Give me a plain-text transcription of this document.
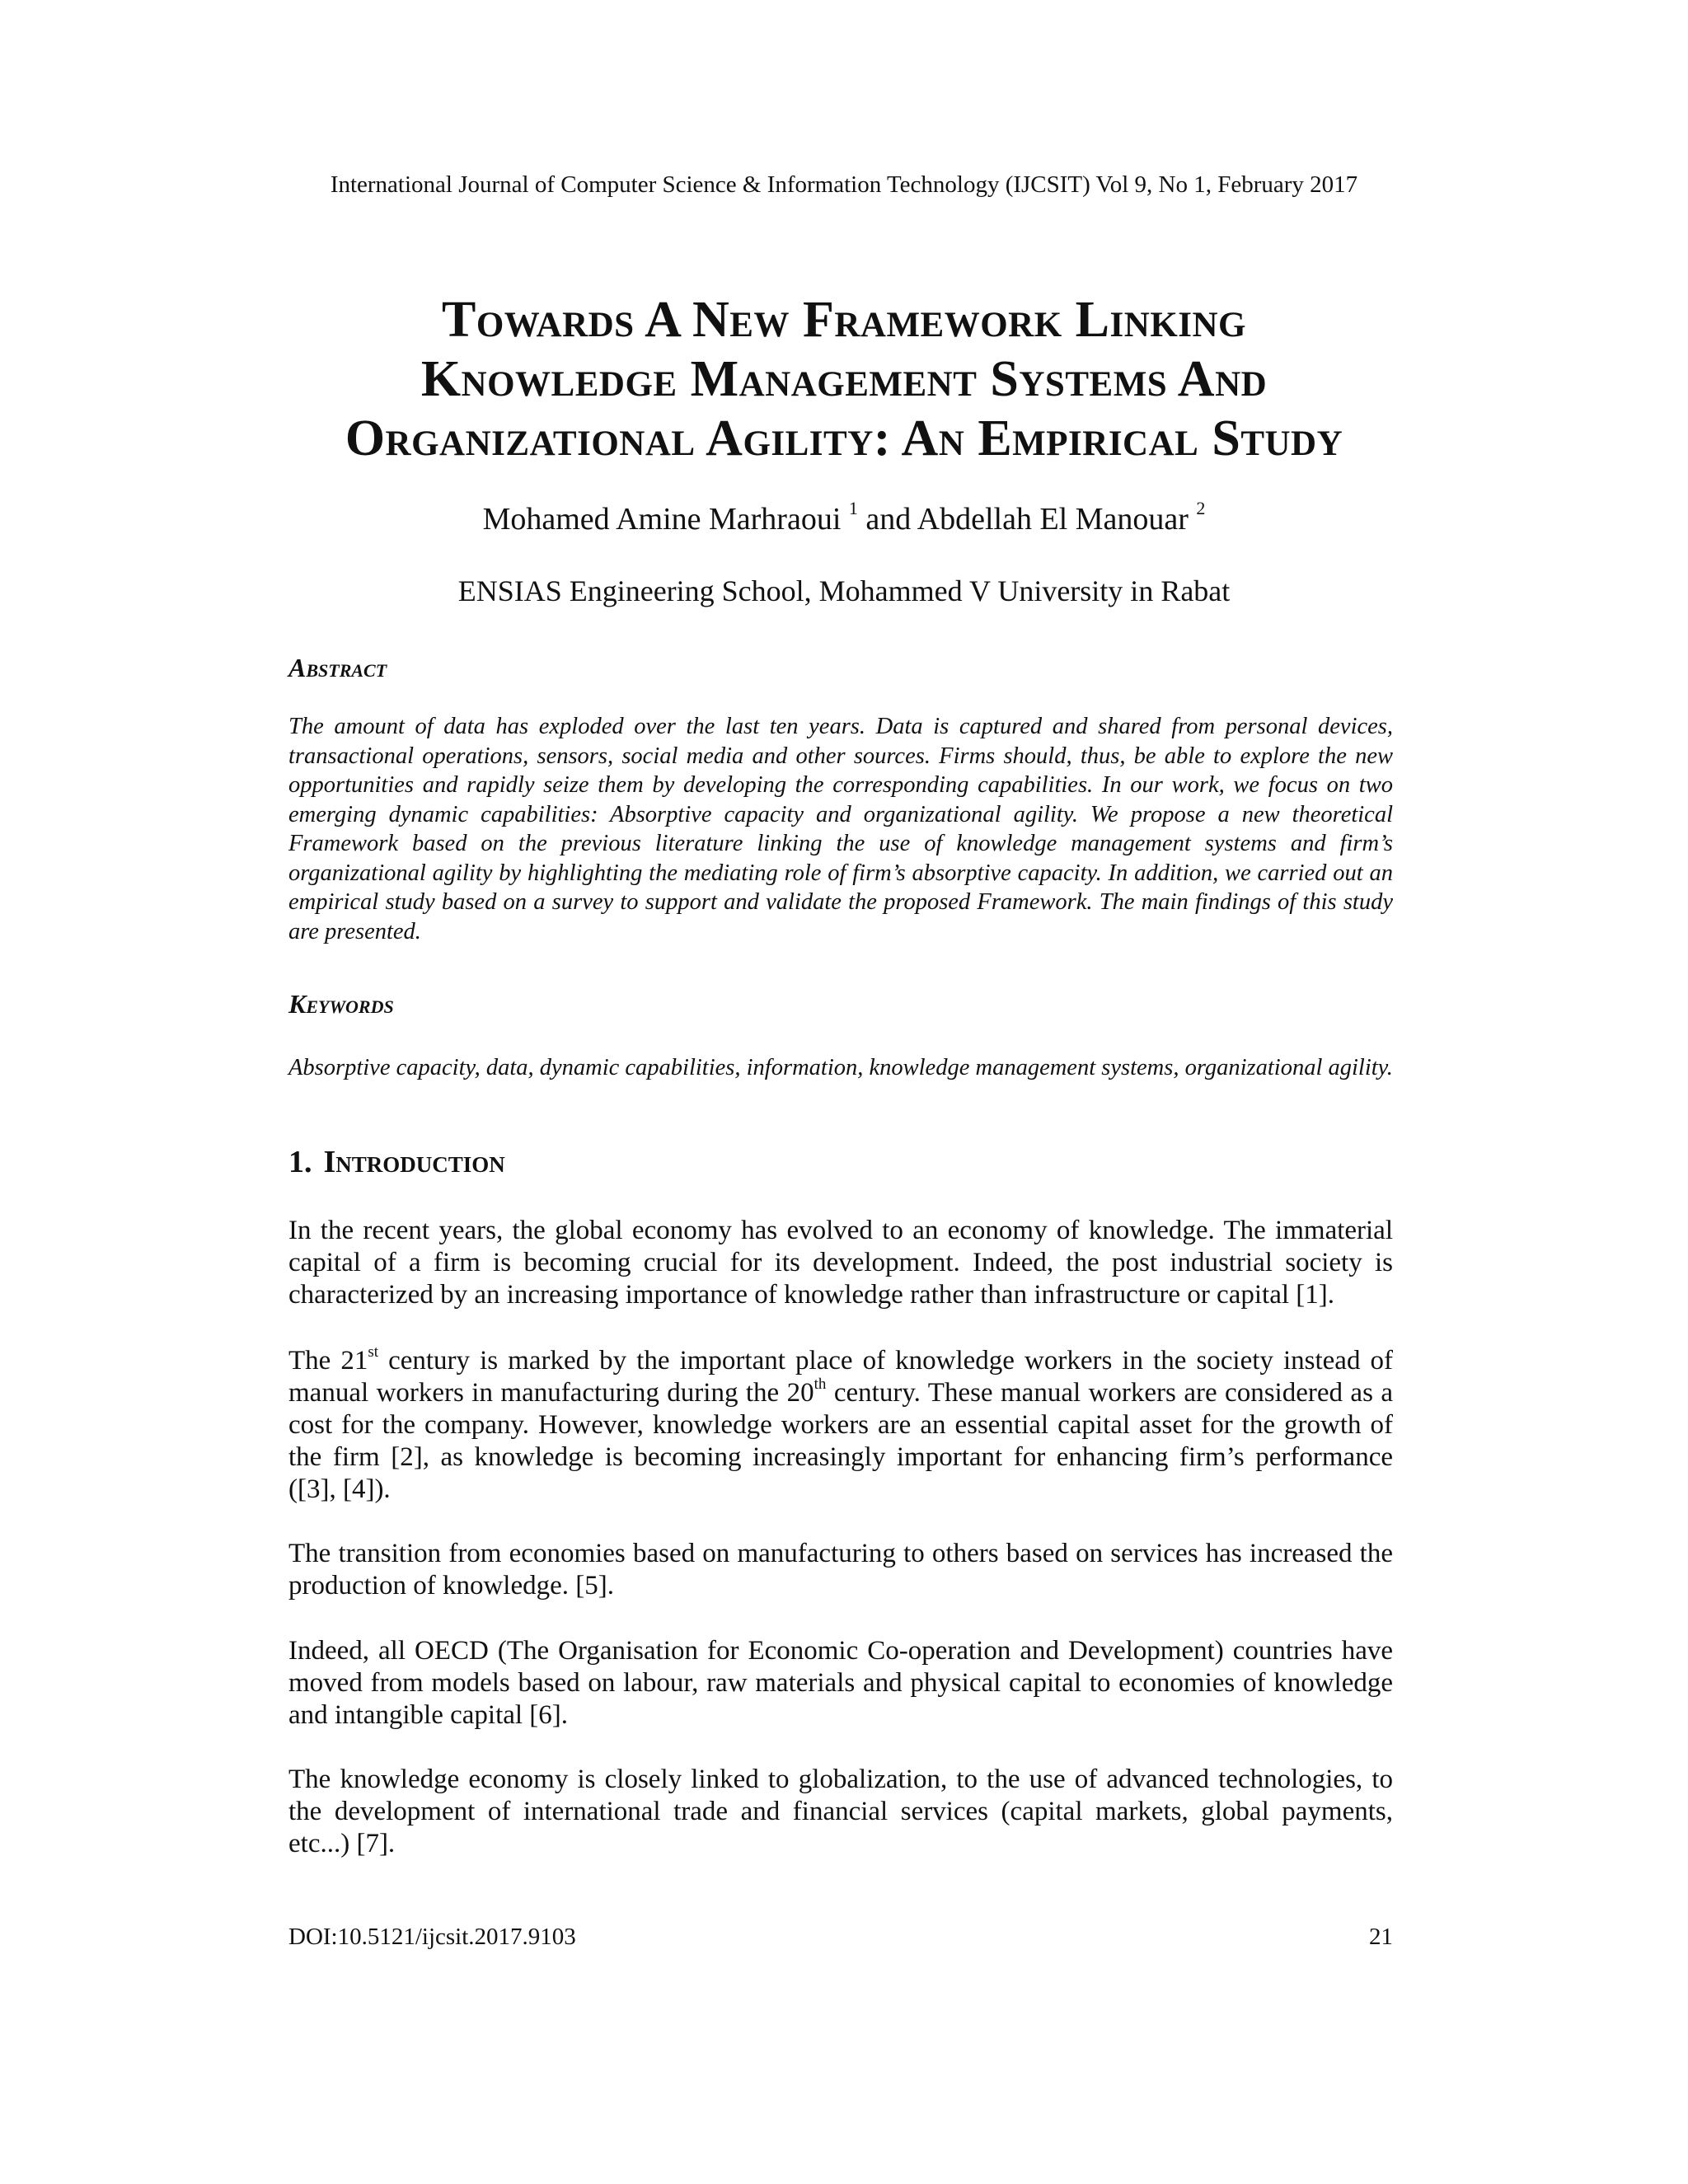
International Journal of Computer Science & Information Technology (IJCSIT) Vol 9, No 1, February 2017
Towards A New Framework Linking
Knowledge Management Systems And
Organizational Agility: An Empirical Study
Mohamed Amine Marhraoui $^1$ and Abdellah El Manouar $^2$
ENSIAS Engineering School, Mohammed V University in Rabat
Abstract
The amount of data has exploded over the last ten years. Data is captured and shared from personal devices, transactional operations, sensors, social media and other sources. Firms should, thus, be able to explore the new opportunities and rapidly seize them by developing the corresponding capabilities. In our work, we focus on two emerging dynamic capabilities: Absorptive capacity and organizational agility. We propose a new theoretical Framework based on the previous literature linking the use of knowledge management systems and firm’s organizational agility by highlighting the mediating role of firm’s absorptive capacity. In addition, we carried out an empirical study based on a survey to support and validate the proposed Framework. The main findings of this study are presented.
Keywords
Absorptive capacity, data, dynamic capabilities, information, knowledge management systems, organizational agility.
1. Introduction
In the recent years, the global economy has evolved to an economy of knowledge. The immaterial capital of a firm is becoming crucial for its development. Indeed, the post industrial society is characterized by an increasing importance of knowledge rather than infrastructure or capital [1].
The 21st century is marked by the important place of knowledge workers in the society instead of manual workers in manufacturing during the 20th century. These manual workers are considered as a cost for the company. However, knowledge workers are an essential capital asset for the growth of the firm [2], as knowledge is becoming increasingly important for enhancing firm’s performance ([3], [4]).
The transition from economies based on manufacturing to others based on services has increased the production of knowledge. [5].
Indeed, all OECD (The Organisation for Economic Co-operation and Development) countries have moved from models based on labour, raw materials and physical capital to economies of knowledge and intangible capital [6].
The knowledge economy is closely linked to globalization, to the use of advanced technologies, to the development of international trade and financial services (capital markets, global payments, etc...) [7].
DOI:10.5121/ijcsit.2017.9103	21
